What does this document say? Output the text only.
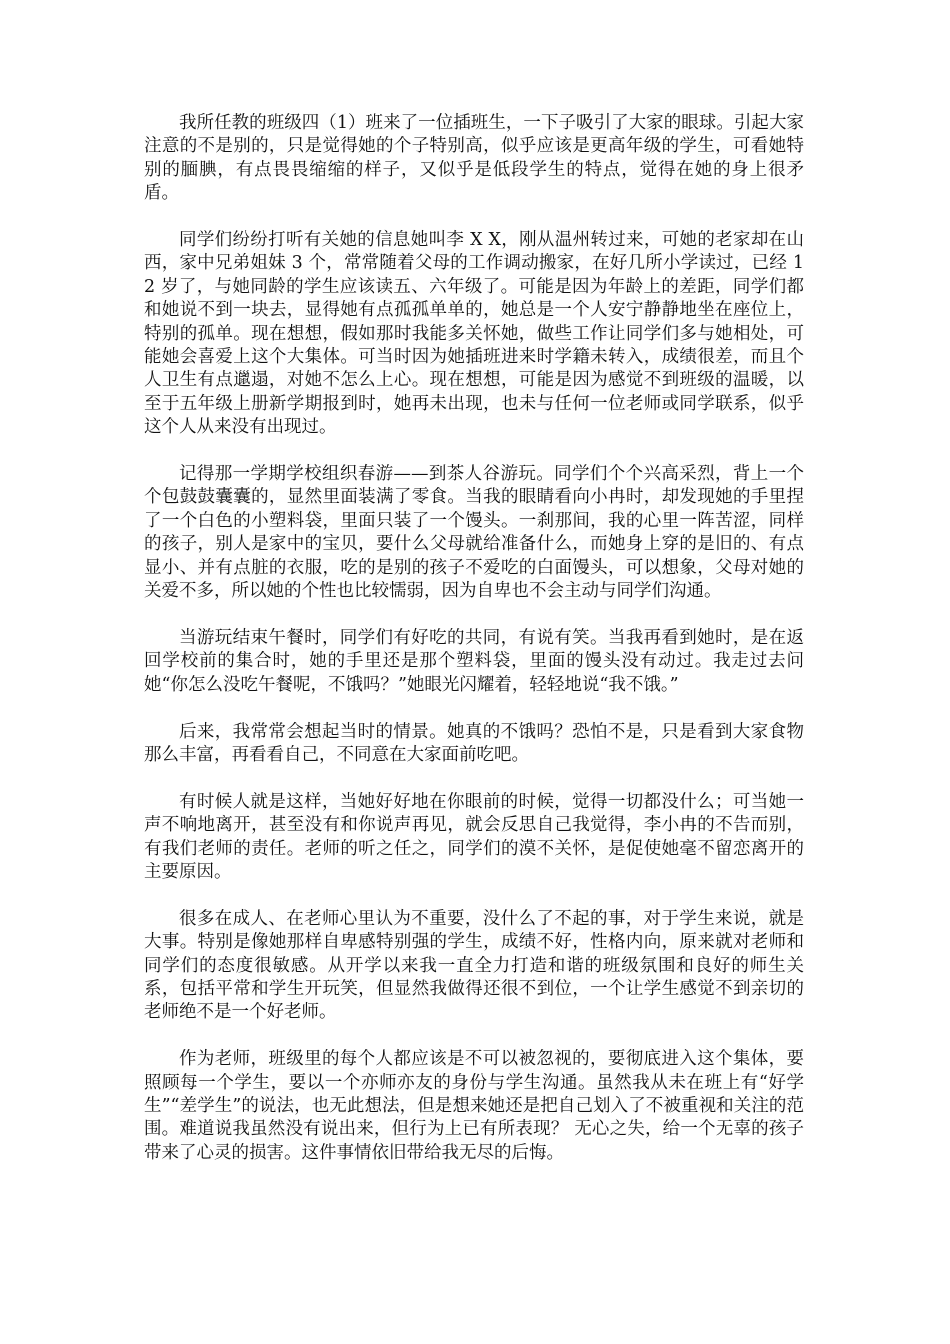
我所任教的班级四（1）班来了一位插班生，一下子吸引了大家的眼球。引起大家注意的不是别的，只是觉得她的个子特别高，似乎应该是更高年级的学生，可看她特别的腼腆，有点畏畏缩缩的样子，又似乎是低段学生的特点，觉得在她的身上很矛盾。

同学们纷纷打听有关她的信息她叫李 X X，刚从温州转过来，可她的老家却在山西，家中兄弟姐妹 3 个，常常随着父母的工作调动搬家，在好几所小学读过，已经 12 岁了，与她同龄的学生应该读五、六年级了。可能是因为年龄上的差距，同学们都和她说不到一块去，显得她有点孤孤单单的，她总是一个人安宁静静地坐在座位上，特别的孤单。现在想想，假如那时我能多关怀她，做些工作让同学们多与她相处，可能她会喜爱上这个大集体。可当时因为她插班进来时学籍未转入，成绩很差，而且个人卫生有点邋遢，对她不怎么上心。现在想想，可能是因为感觉不到班级的温暖，以至于五年级上册新学期报到时，她再未出现，也未与任何一位老师或同学联系，似乎这个人从来没有出现过。

记得那一学期学校组织春游——到茶人谷游玩。同学们个个兴高采烈，背上一个个包鼓鼓囊囊的，显然里面装满了零食。当我的眼睛看向小冉时，却发现她的手里捏了一个白色的小塑料袋，里面只装了一个馒头。一刹那间，我的心里一阵苦涩，同样的孩子，别人是家中的宝贝，要什么父母就给准备什么，而她身上穿的是旧的、有点显小、并有点脏的衣服，吃的是别的孩子不爱吃的白面馒头，可以想象，父母对她的关爱不多，所以她的个性也比较懦弱，因为自卑也不会主动与同学们沟通。

当游玩结束午餐时，同学们有好吃的共同，有说有笑。当我再看到她时，是在返回学校前的集合时，她的手里还是那个塑料袋，里面的馒头没有动过。我走过去问她“你怎么没吃午餐呢，不饿吗？”她眼光闪耀着，轻轻地说“我不饿。”

后来，我常常会想起当时的情景。她真的不饿吗？恐怕不是，只是看到大家食物那么丰富，再看看自己，不同意在大家面前吃吧。

有时候人就是这样，当她好好地在你眼前的时候，觉得一切都没什么；可当她一声不响地离开，甚至没有和你说声再见，就会反思自己我觉得，李小冉的不告而别，有我们老师的责任。老师的听之任之，同学们的漠不关怀，是促使她毫不留恋离开的主要原因。

很多在成人、在老师心里认为不重要，没什么了不起的事，对于学生来说，就是大事。特别是像她那样自卑感特别强的学生，成绩不好，性格内向，原来就对老师和同学们的态度很敏感。从开学以来我一直全力打造和谐的班级氛围和良好的师生关系，包括平常和学生开玩笑，但显然我做得还很不到位，一个让学生感觉不到亲切的老师绝不是一个好老师。

作为老师，班级里的每个人都应该是不可以被忽视的，要彻底进入这个集体，要照顾每一个学生，要以一个亦师亦友的身份与学生沟通。虽然我从未在班上有“好学生”“差学生”的说法，也无此想法，但是想来她还是把自己划入了不被重视和关注的范围。难道说我虽然没有说出来，但行为上已有所表现？ 无心之失，给一个无辜的孩子带来了心灵的损害。这件事情依旧带给我无尽的后悔。
